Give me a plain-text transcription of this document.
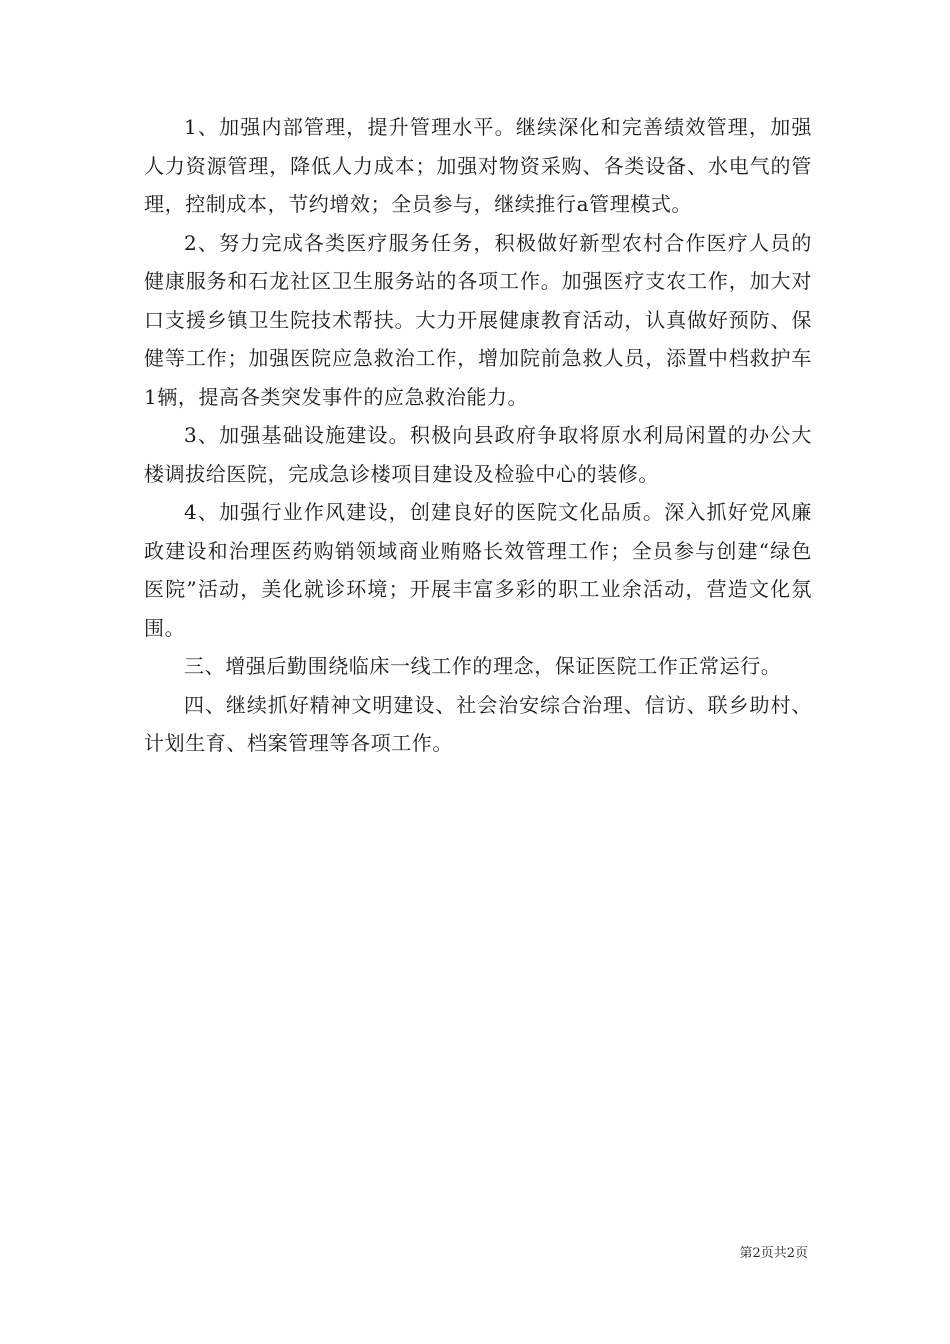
1、加强内部管理，提升管理水平。继续深化和完善绩效管理，加强人力资源管理，降低人力成本；加强对物资采购、各类设备、水电气的管理，控制成本，节约增效；全员参与，继续推行a管理模式。

2、努力完成各类医疗服务任务，积极做好新型农村合作医疗人员的健康服务和石龙社区卫生服务站的各项工作。加强医疗支农工作，加大对口支援乡镇卫生院技术帮扶。大力开展健康教育活动，认真做好预防、保健等工作；加强医院应急救治工作，增加院前急救人员，添置中档救护车1辆，提高各类突发事件的应急救治能力。

3、加强基础设施建设。积极向县政府争取将原水利局闲置的办公大楼调拔给医院，完成急诊楼项目建设及检验中心的装修。

4、加强行业作风建设，创建良好的医院文化品质。深入抓好党风廉政建设和治理医药购销领域商业贿赂长效管理工作；全员参与创建“绿色医院”活动，美化就诊环境；开展丰富多彩的职工业余活动，营造文化氛围。

三、增强后勤围绕临床一线工作的理念，保证医院工作正常运行。

四、继续抓好精神文明建设、社会治安综合治理、信访、联乡助村、计划生育、档案管理等各项工作。

第2页共2页
